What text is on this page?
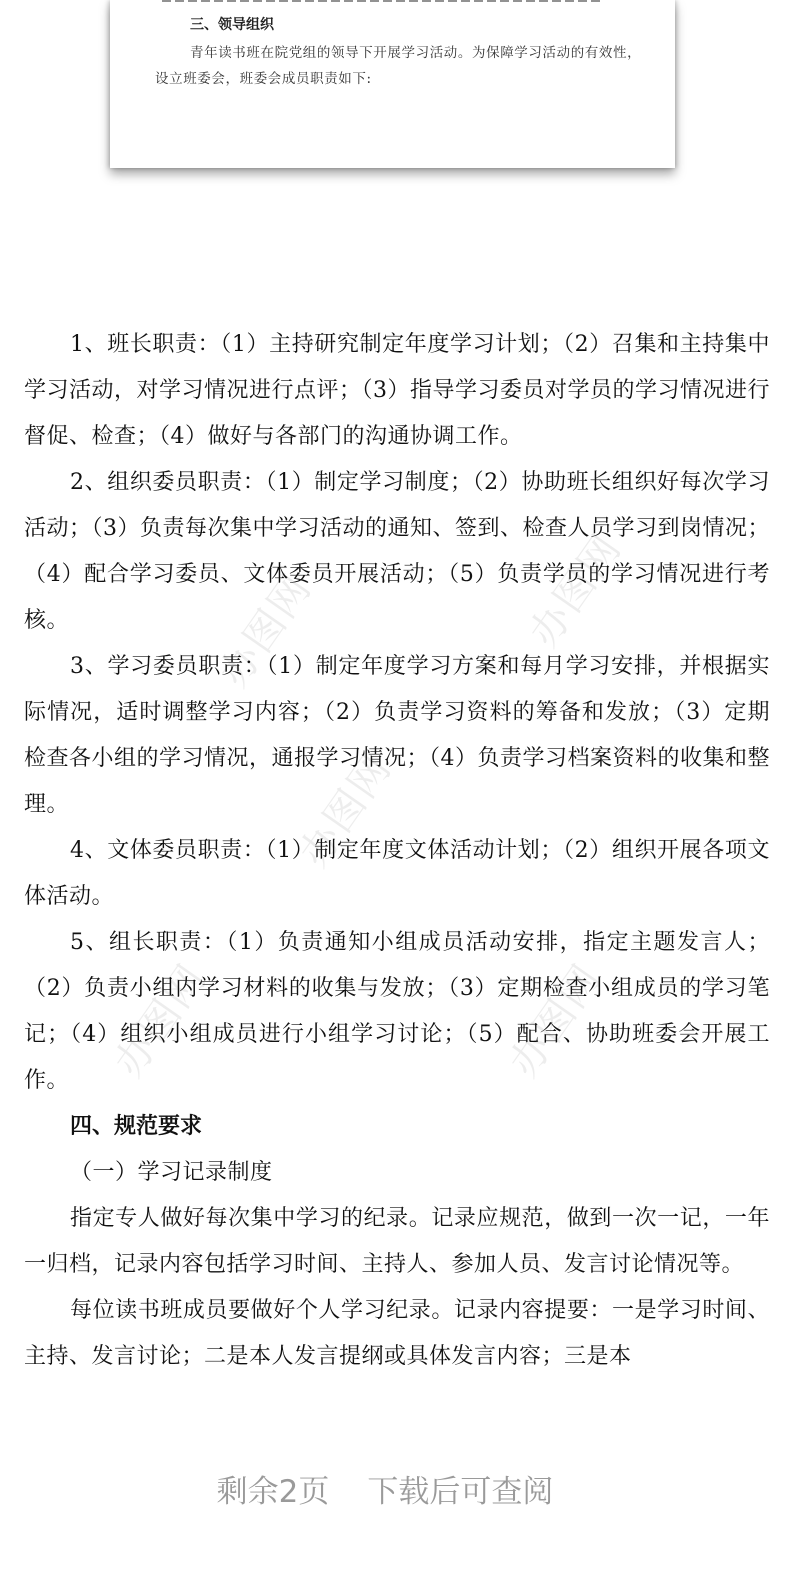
三、领导组织
青年读书班在院党组的领导下开展学习活动。为保障学习活动的有效性，设立班委会，班委会成员职责如下:
办图网	办图网
办图网
办图网	办图网

1、班长职责：（1）主持研究制定年度学习计划；（2）召集和主持集中学习活动，对学习情况进行点评；（3）指导学习委员对学员的学习情况进行督促、检查；（4）做好与各部门的沟通协调工作。

2、组织委员职责：（1）制定学习制度；（2）协助班长组织好每次学习活动；（3）负责每次集中学习活动的通知、签到、检查人员学习到岗情况；（4）配合学习委员、文体委员开展活动；（5）负责学员的学习情况进行考核。

3、学习委员职责：（1）制定年度学习方案和每月学习安排，并根据实际情况，适时调整学习内容；（2）负责学习资料的筹备和发放；（3）定期检查各小组的学习情况，通报学习情况；（4）负责学习档案资料的收集和整理。

4、文体委员职责：（1）制定年度文体活动计划；（2）组织开展各项文体活动。

5、组长职责：（1）负责通知小组成员活动安排，指定主题发言人；（2）负责小组内学习材料的收集与发放；（3）定期检查小组成员的学习笔记；（4）组织小组成员进行小组学习讨论；（5）配合、协助班委会开展工作。

四、规范要求

（一）学习记录制度

指定专人做好每次集中学习的纪录。记录应规范，做到一次一记，一年一归档，记录内容包括学习时间、主持人、参加人员、发言讨论情况等。

每位读书班成员要做好个人学习纪录。记录内容提要：一是学习时间、主持、发言讨论；二是本人发言提纲或具体发言内容；三是本

剩余2页 下载后可查阅
